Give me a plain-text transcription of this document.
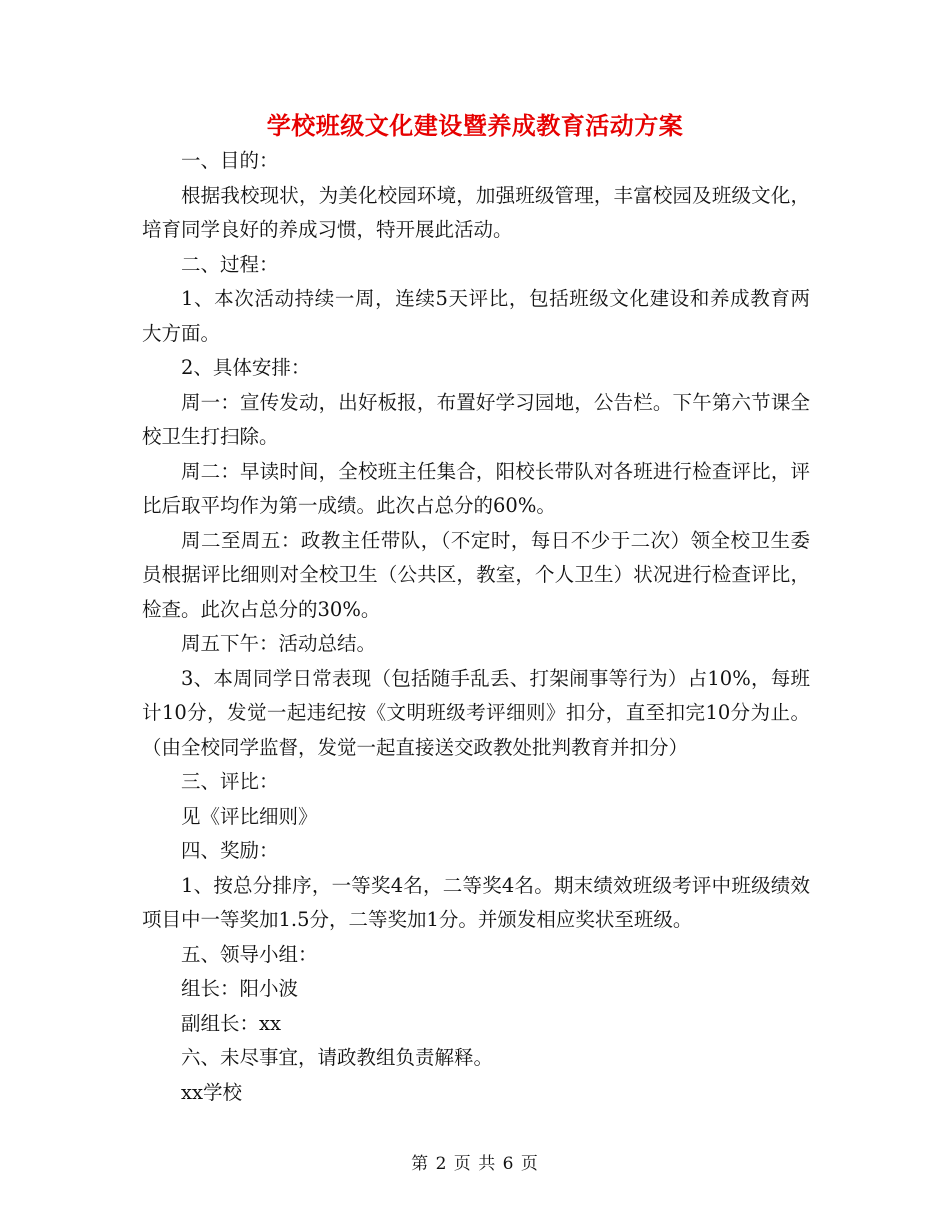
学校班级文化建设暨养成教育活动方案

一、目的：

根据我校现状，为美化校园环境，加强班级管理，丰富校园及班级文化，培育同学良好的养成习惯，特开展此活动。

二、过程：

1、本次活动持续一周，连续5天评比，包括班级文化建设和养成教育两大方面。

2、具体安排：

周一：宣传发动，出好板报，布置好学习园地，公告栏。下午第六节课全校卫生打扫除。

周二：早读时间，全校班主任集合，阳校长带队对各班进行检查评比，评比后取平均作为第一成绩。此次占总分的60%。

周二至周五：政教主任带队，（不定时，每日不少于二次）领全校卫生委员根据评比细则对全校卫生（公共区，教室，个人卫生）状况进行检查评比，检查。此次占总分的30%。

周五下午：活动总结。

3、本周同学日常表现（包括随手乱丢、打架闹事等行为）占10%，每班计10分，发觉一起违纪按《文明班级考评细则》扣分，直至扣完10分为止。（由全校同学监督，发觉一起直接送交政教处批判教育并扣分）

三、评比：

见《评比细则》

四、奖励：

1、按总分排序，一等奖4名，二等奖4名。期末绩效班级考评中班级绩效项目中一等奖加1.5分，二等奖加1分。并颁发相应奖状至班级。

五、领导小组：

组长：阳小波

副组长：xx

六、未尽事宜，请政教组负责解释。

xx学校

第 2 页 共 6 页
